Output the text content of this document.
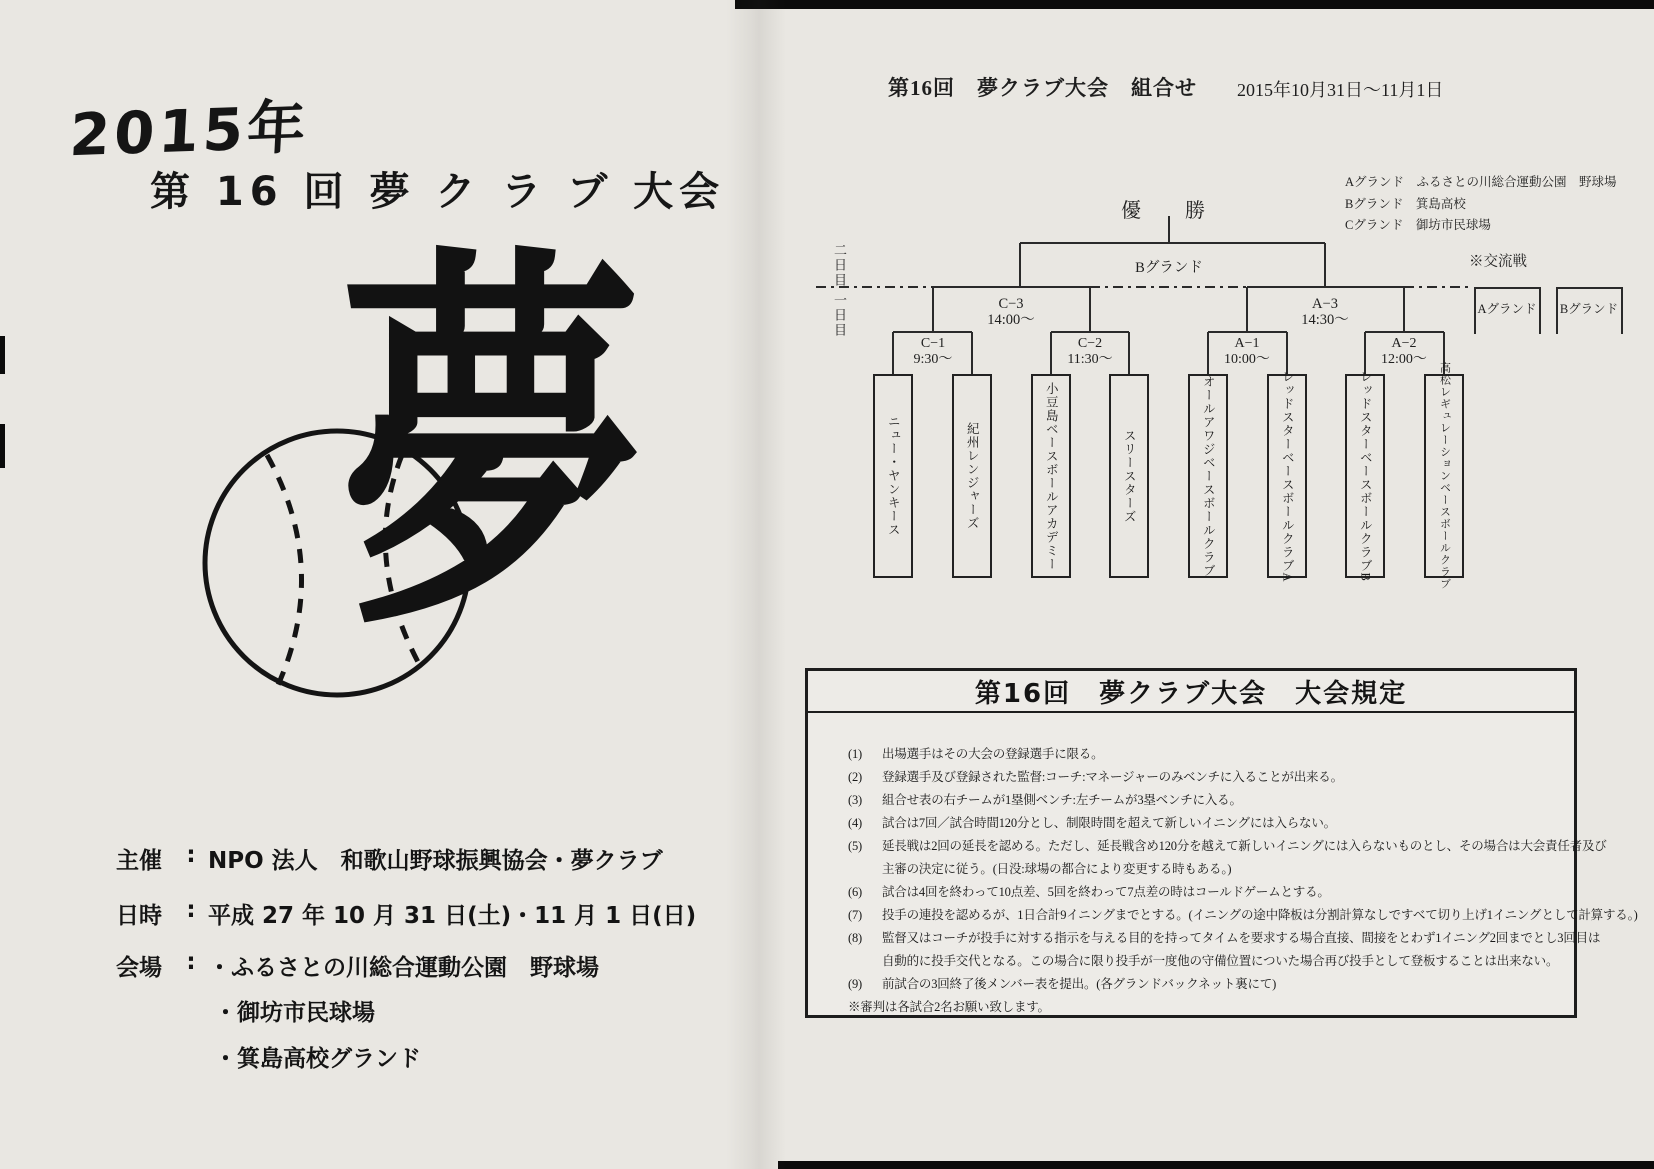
2015年
第 16 回 夢 ク ラ ブ 大会
夢
主催	: NPO 法人　和歌山野球振興協会・夢クラブ
日時	: 平成 27 年 10 月 31 日(土)・11 月 1 日(日)
会場	: ・ふるさとの川総合運動公園　野球場
・御坊市民球場
・箕島高校グランド
第16回　夢クラブ大会　組合せ 2015年10月31日〜11月1日
Aグランド　ふるさとの川総合運動公園　野球場
Bグランド　箕島高校
Cグランド　御坊市民球場
優　勝
Bグランド
二日目
一日目	C−3
14:00〜
A−3
14:30〜
C−1
9:30〜
C−2
11:30〜
A−1
10:00〜
A−2
12:00〜
※交流戦
Aグランド	Bグランド
ニュー・ヤンキース	紀州レンジャーズ	小豆島ベースボールアカデミー	スリースターズ	オールアワジベースボールクラブ	レッドスターベースボールクラブA	レッドスターベースボールクラブB	高松レギュレーションベースボールクラブ
第16回　夢クラブ大会　大会規定
(1)	出場選手はその大会の登録選手に限る。
(2)	登録選手及び登録された監督:コーチ:マネージャーのみベンチに入ることが出来る。
(3)	組合せ表の右チームが1塁側ベンチ:左チームが3塁ベンチに入る。
(4)	試合は7回／試合時間120分とし、制限時間を超えて新しいイニングには入らない。
(5)	延長戦は2回の延長を認める。ただし、延長戦含め120分を越えて新しいイニングには入らないものとし、その場合は大会責任者及び
主審の決定に従う。(日没:球場の都合により変更する時もある。)
(6)	試合は4回を終わって10点差、5回を終わって7点差の時はコールドゲームとする。
(7)	投手の連投を認めるが、1日合計9イニングまでとする。(イニングの途中降板は分割計算なしですべて切り上げ1イニングとして計算する。)
(8)	監督又はコーチが投手に対する指示を与える目的を持ってタイムを要求する場合直接、間接をとわず1イニング2回までとし3回目は
自動的に投手交代となる。この場合に限り投手が一度他の守備位置についた場合再び投手として登板することは出来ない。
(9)	前試合の3回終了後メンバー表を提出。(各グランドバックネット裏にて)
※審判は各試合2名お願い致します。
